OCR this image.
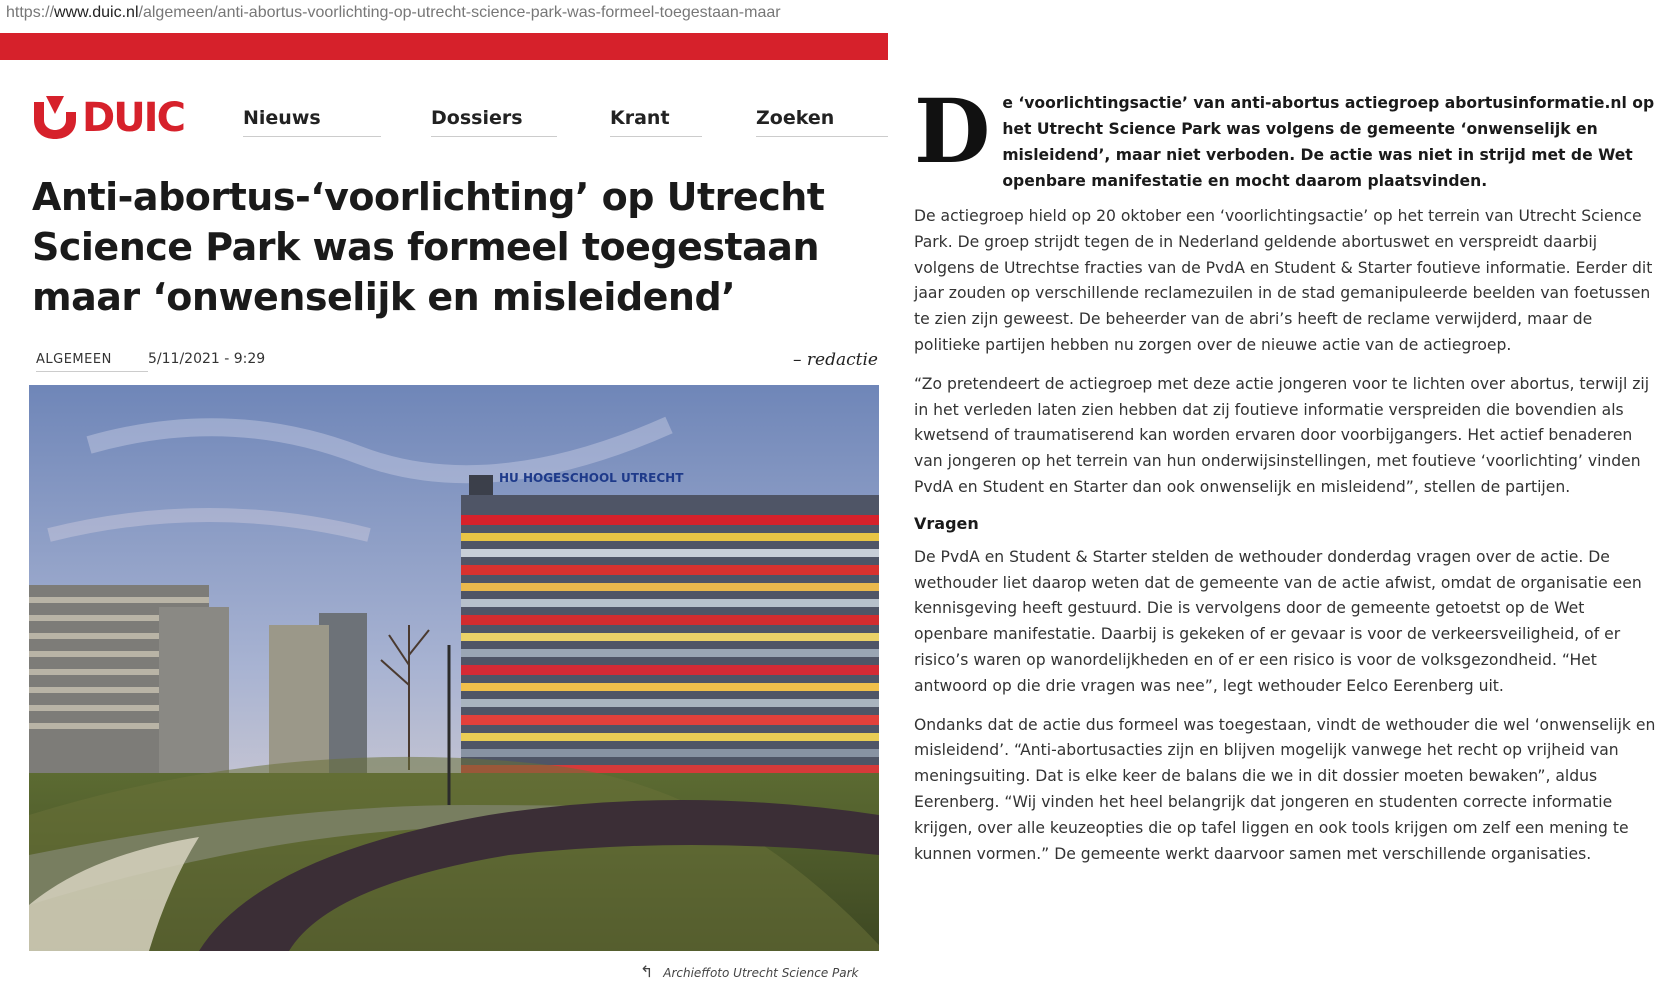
https://www.duic.nl/algemeen/anti-abortus-voorlichting-op-utrecht-science-park-was-formeel-toegestaan-maar
DUIC	Nieuws	Dossiers	Krant	Zoeken
Anti-abortus-‘voorlichting’ op Utrecht Science Park was formeel toegestaan maar ‘onwenselijk en misleidend’
ALGEMEEN	5/11/2021 - 9:29	– redactie
HU HOGESCHOOL UTRECHT
↰ Archieffoto Utrecht Science Park

D e ‘voorlichtingsactie’ van anti-abortus actiegroep abortusinformatie.nl op het Utrecht Science Park was volgens de gemeente ‘onwenselijk en misleidend’, maar niet verboden. De actie was niet in strijd met de Wet openbare manifestatie en mocht daarom plaatsvinden.

De actiegroep hield op 20 oktober een ‘voorlichtingsactie’ op het terrein van Utrecht Science Park. De groep strijdt tegen de in Nederland geldende abortuswet en verspreidt daarbij volgens de Utrechtse fracties van de PvdA en Student & Starter foutieve informatie. Eerder dit jaar zouden op verschillende reclamezuilen in de stad gemanipuleerde beelden van foetussen te zien zijn geweest. De beheerder van de abri’s heeft de reclame verwijderd, maar de politieke partijen hebben nu zorgen over de nieuwe actie van de actiegroep.

“Zo pretendeert de actiegroep met deze actie jongeren voor te lichten over abortus, terwijl zij in het verleden laten zien hebben dat zij foutieve informatie verspreiden die bovendien als kwetsend of traumatiserend kan worden ervaren door voorbijgangers. Het actief benaderen van jongeren op het terrein van hun onderwijsinstellingen, met foutieve ‘voorlichting’ vinden PvdA en Student en Starter dan ook onwenselijk en misleidend”, stellen de partijen.

Vragen

De PvdA en Student & Starter stelden de wethouder donderdag vragen over de actie. De wethouder liet daarop weten dat de gemeente van de actie afwist, omdat de organisatie een kennisgeving heeft gestuurd. Die is vervolgens door de gemeente getoetst op de Wet openbare manifestatie. Daarbij is gekeken of er gevaar is voor de verkeersveiligheid, of er risico’s waren op wanordelijkheden en of er een risico is voor de volksgezondheid. “Het antwoord op die drie vragen was nee”, legt wethouder Eelco Eerenberg uit.

Ondanks dat de actie dus formeel was toegestaan, vindt de wethouder die wel ‘onwenselijk en misleidend’. “Anti-abortusacties zijn en blijven mogelijk vanwege het recht op vrijheid van meningsuiting. Dat is elke keer de balans die we in dit dossier moeten bewaken”, aldus Eerenberg. “Wij vinden het heel belangrijk dat jongeren en studenten correcte informatie krijgen, over alle keuzeopties die op tafel liggen en ook tools krijgen om zelf een mening te kunnen vormen.” De gemeente werkt daarvoor samen met verschillende organisaties.
